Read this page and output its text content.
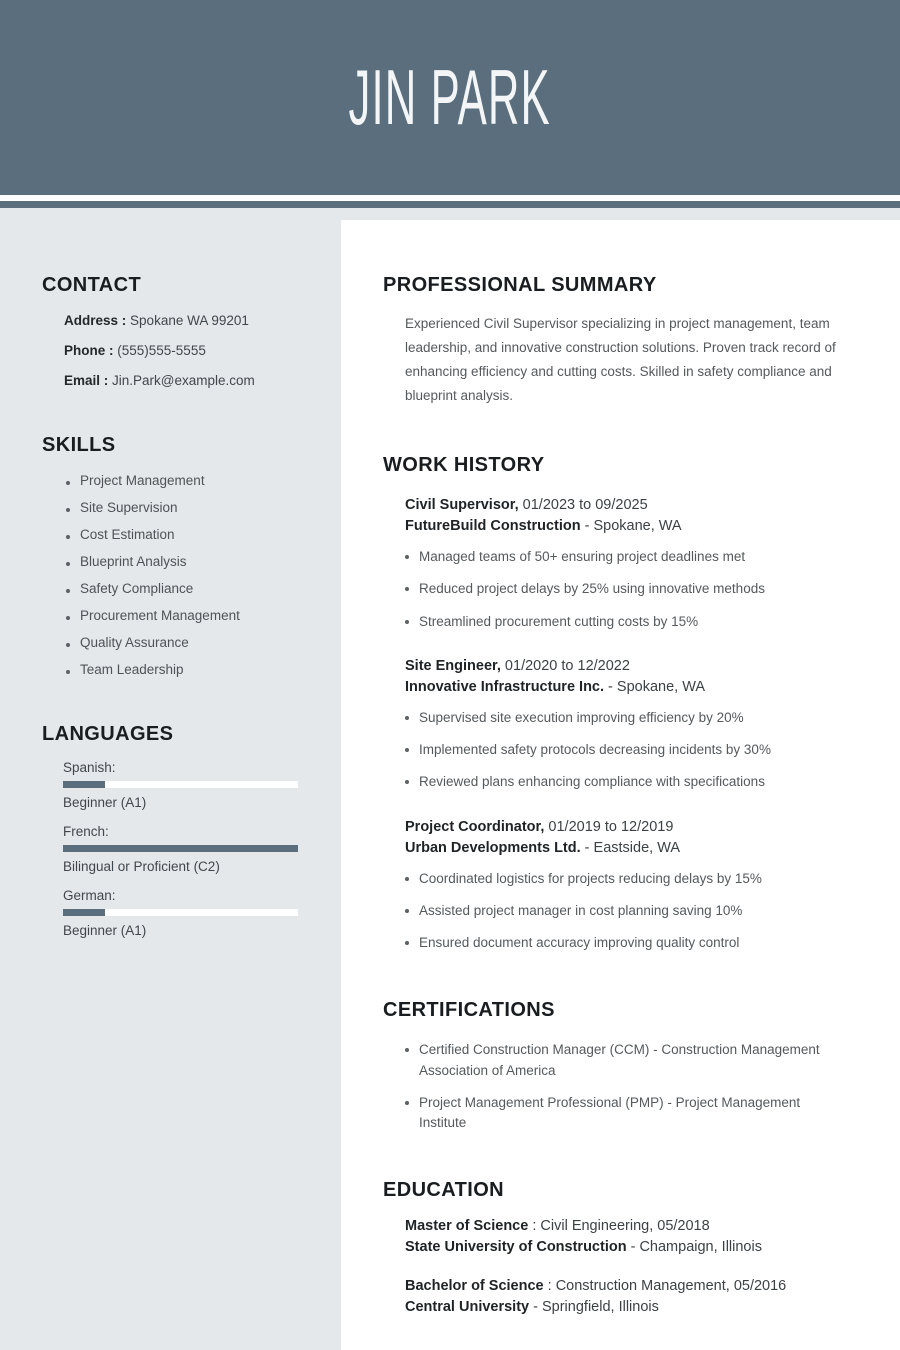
JIN PARK
CONTACT
Address : Spokane WA 99201
Phone : (555)555-5555
Email : Jin.Park@example.com
SKILLS
Project Management
Site Supervision
Cost Estimation
Blueprint Analysis
Safety Compliance
Procurement Management
Quality Assurance
Team Leadership
LANGUAGES
Spanish:
Beginner (A1)
French:
Bilingual or Proficient (C2)
German:
Beginner (A1)
PROFESSIONAL SUMMARY

Experienced Civil Supervisor specializing in project management, team leadership, and innovative construction solutions. Proven track record of enhancing efficiency and cutting costs. Skilled in safety compliance and blueprint analysis.

WORK HISTORY
Civil Supervisor, 01/2023 to 09/2025
FutureBuild Construction - Spokane, WA
Managed teams of 50+ ensuring project deadlines met
Reduced project delays by 25% using innovative methods
Streamlined procurement cutting costs by 15%
Site Engineer, 01/2020 to 12/2022
Innovative Infrastructure Inc. - Spokane, WA
Supervised site execution improving efficiency by 20%
Implemented safety protocols decreasing incidents by 30%
Reviewed plans enhancing compliance with specifications
Project Coordinator, 01/2019 to 12/2019
Urban Developments Ltd. - Eastside, WA
Coordinated logistics for projects reducing delays by 15%
Assisted project manager in cost planning saving 10%
Ensured document accuracy improving quality control
CERTIFICATIONS
Certified Construction Manager (CCM) - Construction Management Association of America
Project Management Professional (PMP) - Project Management Institute
EDUCATION
Master of Science : Civil Engineering, 05/2018
State University of Construction - Champaign, Illinois
Bachelor of Science : Construction Management, 05/2016
Central University - Springfield, Illinois
